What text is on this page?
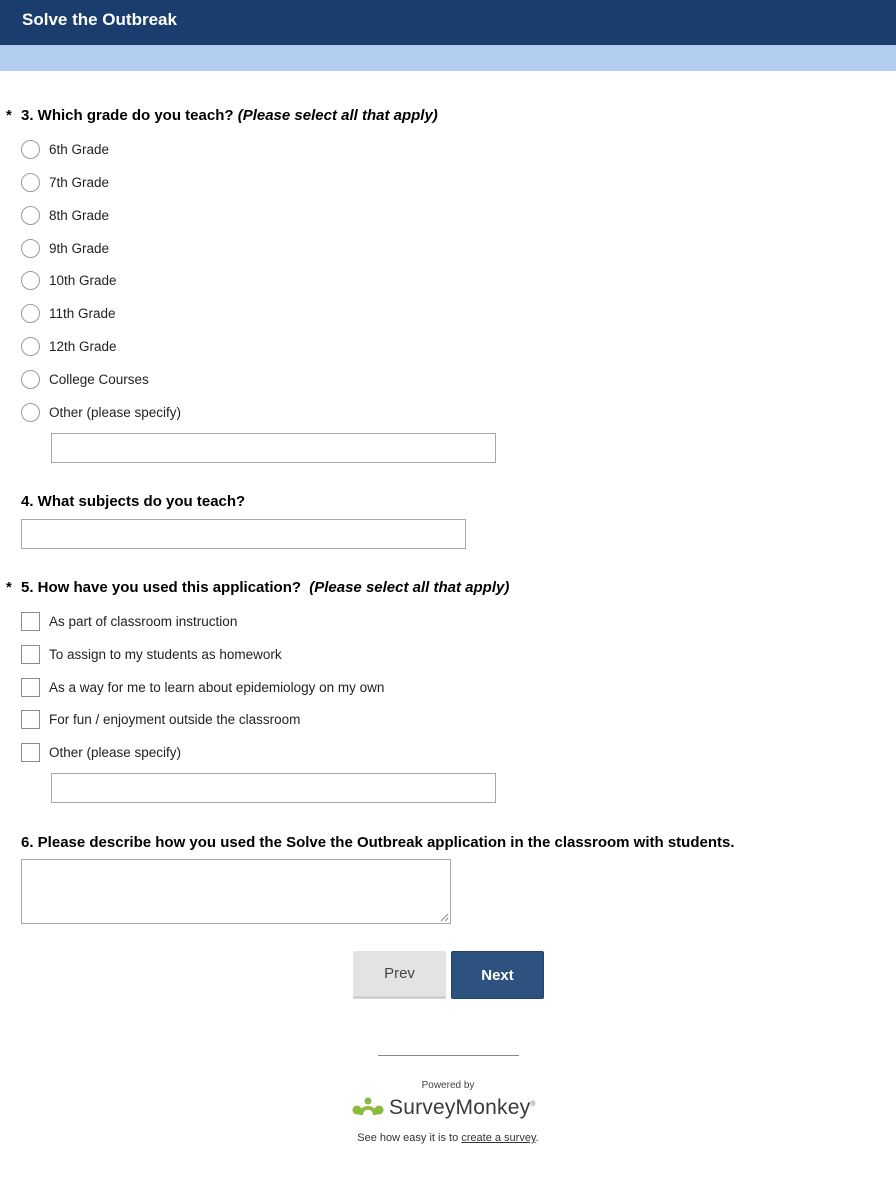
Solve the Outbreak
* 3. Which grade do you teach? (Please select all that apply)
6th Grade
7th Grade
8th Grade
9th Grade
10th Grade
11th Grade
12th Grade
College Courses
Other (please specify)
4. What subjects do you teach?
* 5. How have you used this application? (Please select all that apply)
As part of classroom instruction
To assign to my students as homework
As a way for me to learn about epidemiology on my own
For fun / enjoyment outside the classroom
Other (please specify)
6. Please describe how you used the Solve the Outbreak application in the classroom with students.
Prev	Next
Powered by
SurveyMonkey®
See how easy it is to create a survey.
